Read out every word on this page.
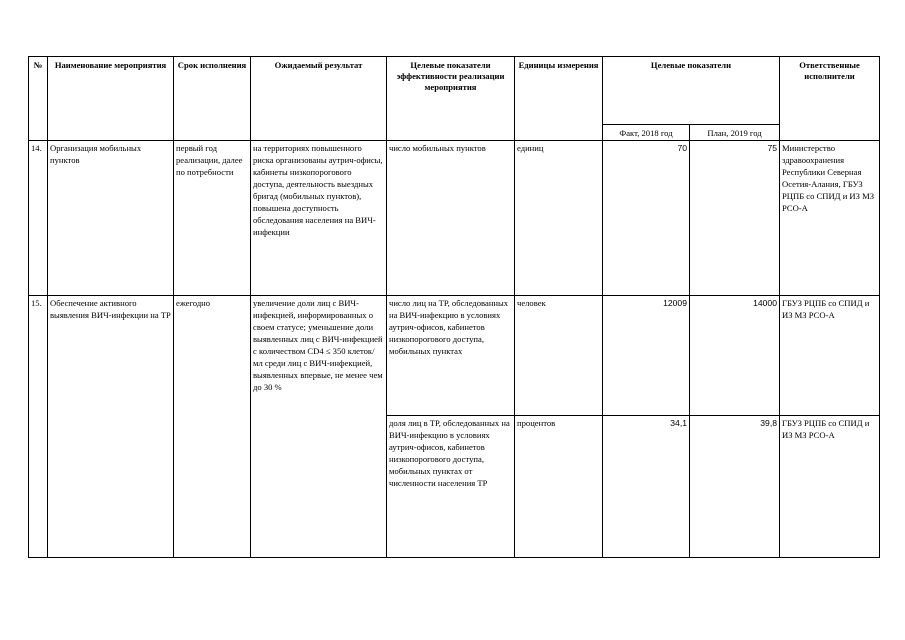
№	Наименование мероприятия	Срок исполнения	Ожидаемый результат	Целевые показатели эффективности реализации мероприятия	Единицы измерения	Целевые показатели		Ответственные исполнители
						Факт, 2018 год	План, 2019 год	
14.	Организация мобильных пунктов	первый год реализации, далее по потребности	на территориях повышенного риска организованы аутрич-офисы, кабинеты низкопорогового доступа, деятельность выездных бригад (мобильных пунктов), повышена доступность обследования населения на ВИЧ-инфекции	число мобильных пунктов	единиц	70	75	Министерство здравоохранения Республики Северная Осетия-Алания, ГБУЗ РЦПБ со СПИД и ИЗ МЗ РСО-А
15.	Обеспечение активного выявления ВИЧ-инфекции на ТР	ежегодно	увеличение доли лиц с ВИЧ-инфекцией, информированных о своем статусе; уменьшение доли выявленных лиц с ВИЧ-инфекцией с количеством CD4 ≤ 350 клеток/мл среди лиц с ВИЧ-инфекцией, выявленных впервые, не менее чем до 30 %	число лиц на ТР, обследованных на ВИЧ-инфекцию в условиях аутрич-офисов, кабинетов низкопорогового доступа, мобильных пунктах	человек	12009	14000	ГБУЗ РЦПБ со СПИД и ИЗ МЗ РСО-А
				доля лиц в ТР, обследованных на ВИЧ-инфекцию в условиях аутрич-офисов, кабинетов низкопорогового доступа, мобильных пунктах от численности населения ТР	процентов	34,1	39,8	ГБУЗ РЦПБ со СПИД и ИЗ МЗ РСО-А
